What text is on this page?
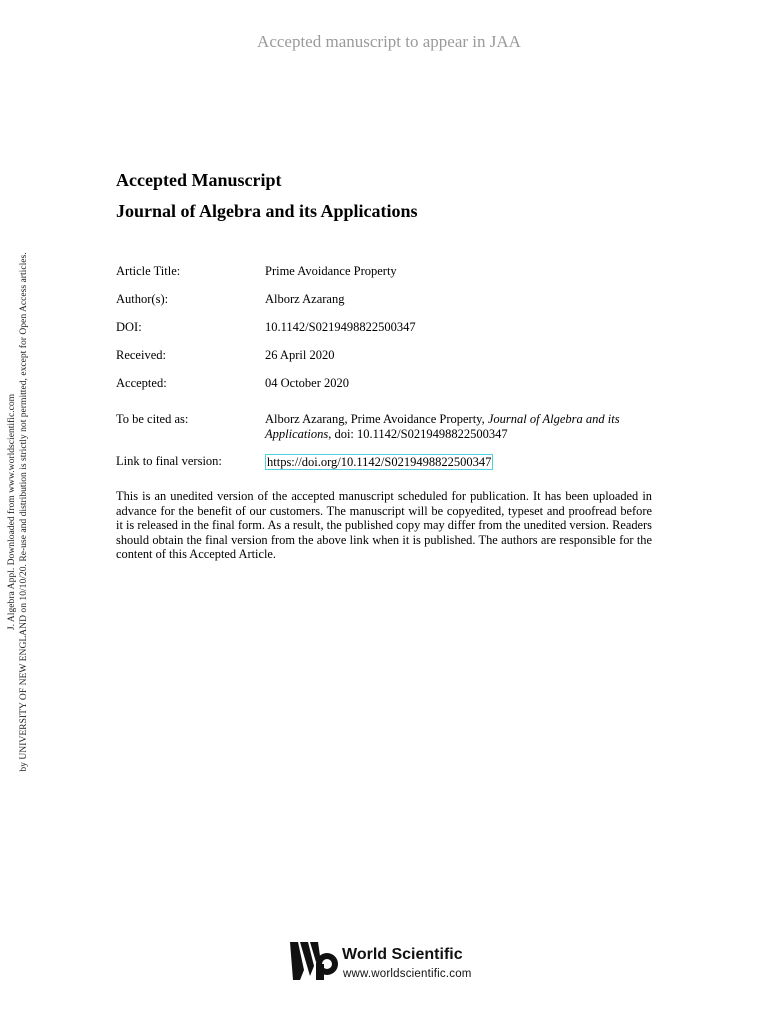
Accepted manuscript to appear in JAA
J. Algebra Appl. Downloaded from www.worldscientific.com by UNIVERSITY OF NEW ENGLAND on 10/10/20. Re-use and distribution is strictly not permitted, except for Open Access articles.
Accepted Manuscript
Journal of Algebra and its Applications
Article Title:	Prime Avoidance Property
Author(s):	Alborz Azarang
DOI:	10.1142/S0219498822500347
Received:	26 April 2020
Accepted:	04 October 2020
To be cited as:	Alborz Azarang, Prime Avoidance Property, Journal of Algebra and its
Applications, doi: 10.1142/S0219498822500347
Link to final version:	https://doi.org/10.1142/S0219498822500347
This is an unedited version of the accepted manuscript scheduled for publication. It has been uploaded in advance for the benefit of our customers. The manuscript will be copyedited, typeset and proofread before it is released in the final form. As a result, the published copy may differ from the unedited version. Readers should obtain the final version from the above link when it is published. The authors are responsible for the content of this Accepted Article.
World Scientific
www.worldscientific.com
